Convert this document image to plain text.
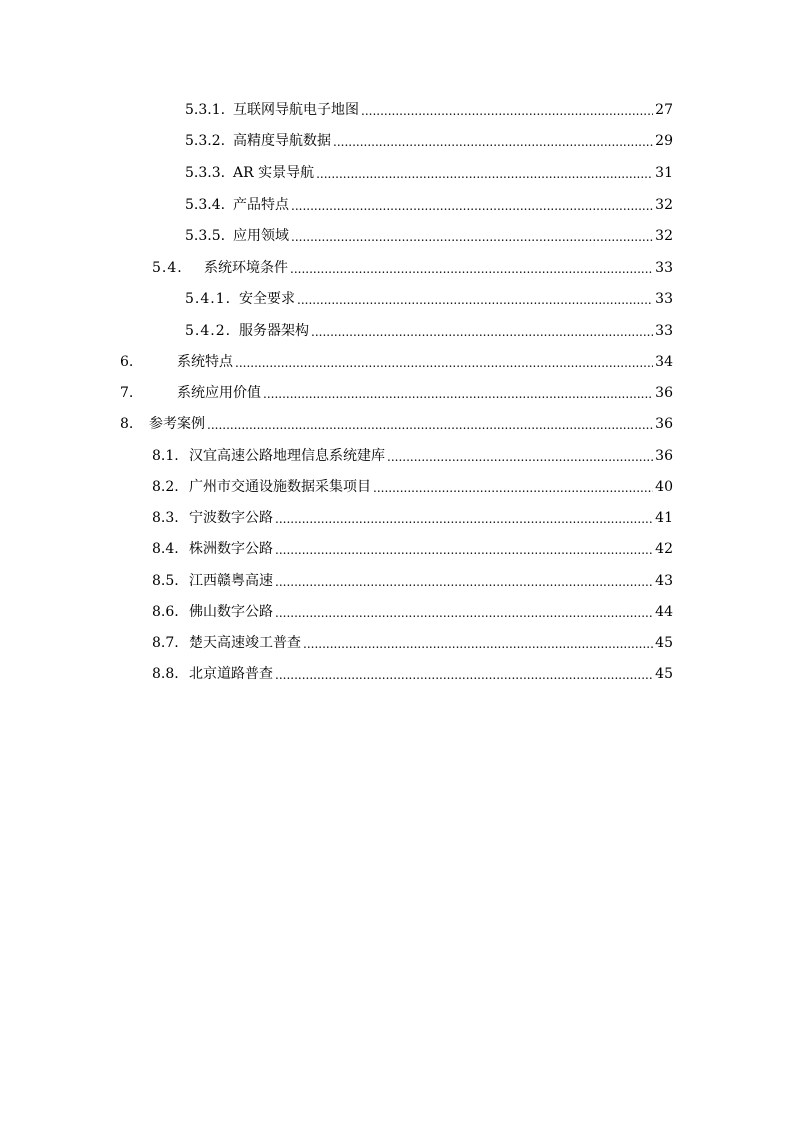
5.3.1. 互联网导航电子地图 .....	27
5.3.2. 高精度导航数据 .....	29
5.3.3. AR 实景导航 .....	31
5.3.4. 产品特点 .....	32
5.3.5. 应用领域 .....	32
5.4.	系统环境条件 .....	33
5.4.1. 安全要求 .....	33
5.4.2. 服务器架构 .....	33
6.	系统特点 .....	34
7.	系统应用价值 .....	36
8.	参考案例 .....	36
8.1. 汉宜高速公路地理信息系统建库 .....	36
8.2. 广州市交通设施数据采集项目 .....	40
8.3. 宁波数字公路 .....	41
8.4. 株洲数字公路 .....	42
8.5. 江西赣粤高速 .....	43
8.6. 佛山数字公路 .....	44
8.7. 楚天高速竣工普查 .....	45
8.8. 北京道路普查 .....	45
